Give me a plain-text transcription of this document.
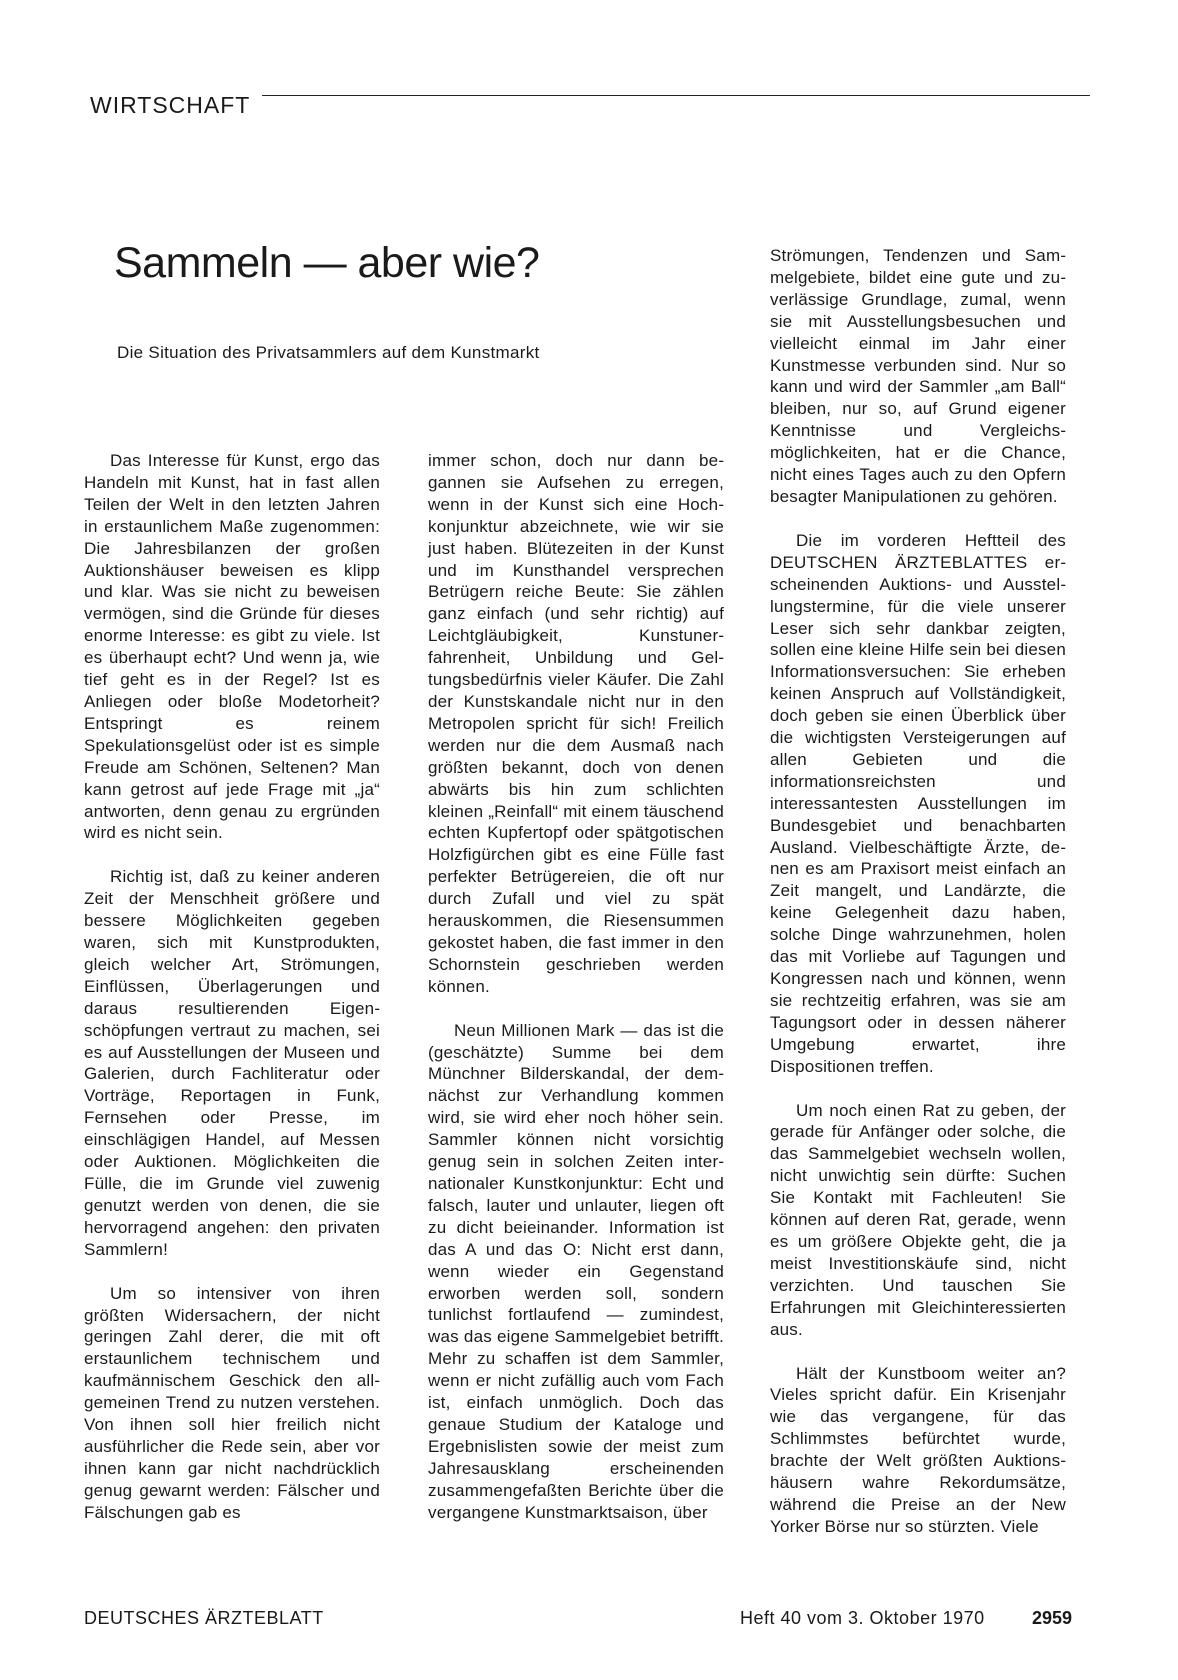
WIRTSCHAFT
Sammeln — aber wie?

Die Situation des Privatsammlers auf dem Kunstmarkt

Das Interesse für Kunst, ergo das Handeln mit Kunst, hat in fast allen Teilen der Welt in den letzten Jahren in erstaunlichem Maße zugenommen: Die Jahresbilanzen der großen Auktionshäuser beweisen es klipp und klar. Was sie nicht zu beweisen vermögen, sind die Gründe für dieses enorme Interesse: es gibt zu viele. Ist es überhaupt echt? Und wenn ja, wie tief geht es in der Regel? Ist es Anliegen oder bloße Modetorheit? Entspringt es reinem Spekulationsgelüst oder ist es simple Freude am Schönen, Seltenen? Man kann getrost auf jede Frage mit „ja“ antworten, denn genau zu ergründen wird es nicht sein.

Richtig ist, daß zu keiner anderen Zeit der Menschheit größere und bessere Möglichkeiten gegeben waren, sich mit Kunstprodukten, gleich welcher Art, Strömungen, Einflüssen, Überlagerungen und daraus resultierenden Eigenschöpfungen vertraut zu machen, sei es auf Ausstellungen der Museen und Galerien, durch Fachliteratur oder Vorträge, Reportagen in Funk, Fernsehen oder Presse, im einschlägigen Handel, auf Messen oder Auktionen. Möglichkeiten die Fülle, die im Grunde viel zuwenig genutzt werden von denen, die sie hervorragend angehen: den privaten Sammlern!

Um so intensiver von ihren größten Widersachern, der nicht geringen Zahl derer, die mit oft erstaunlichem technischem und kaufmännischem Geschick den allgemeinen Trend zu nutzen verstehen. Von ihnen soll hier freilich nicht ausführlicher die Rede sein, aber vor ihnen kann gar nicht nachdrücklich genug gewarnt werden: Fälscher und Fälschungen gab es

immer schon, doch nur dann begannen sie Aufsehen zu erregen, wenn in der Kunst sich eine Hochkonjunktur abzeichnete, wie wir sie just haben. Blütezeiten in der Kunst und im Kunsthandel versprechen Betrügern reiche Beute: Sie zählen ganz einfach (und sehr richtig) auf Leichtgläubigkeit, Kunstunerfahrenheit, Unbildung und Geltungsbedürfnis vieler Käufer. Die Zahl der Kunstskandale nicht nur in den Metropolen spricht für sich! Freilich werden nur die dem Ausmaß nach größten bekannt, doch von denen abwärts bis hin zum schlichten kleinen „Reinfall“ mit einem täuschend echten Kupfertopf oder spätgotischen Holzfigürchen gibt es eine Fülle fast perfekter Betrügereien, die oft nur durch Zufall und viel zu spät herauskommen, die Riesensummen gekostet haben, die fast immer in den Schornstein geschrieben werden können.

Neun Millionen Mark — das ist die (geschätzte) Summe bei dem Münchner Bilderskandal, der demnächst zur Verhandlung kommen wird, sie wird eher noch höher sein. Sammler können nicht vorsichtig genug sein in solchen Zeiten internationaler Kunstkonjunktur: Echt und falsch, lauter und unlauter, liegen oft zu dicht beieinander. Information ist das A und das O: Nicht erst dann, wenn wieder ein Gegenstand erworben werden soll, sondern tunlichst fortlaufend — zumindest, was das eigene Sammelgebiet betrifft. Mehr zu schaffen ist dem Sammler, wenn er nicht zufällig auch vom Fach ist, einfach unmöglich. Doch das genaue Studium der Kataloge und Ergebnislisten sowie der meist zum Jahresausklang erscheinenden zusammengefaßten Berichte über die vergangene Kunstmarktsaison, über

Strömungen, Tendenzen und Sammelgebiete, bildet eine gute und zuverlässige Grundlage, zumal, wenn sie mit Ausstellungsbesuchen und vielleicht einmal im Jahr einer Kunstmesse verbunden sind. Nur so kann und wird der Sammler „am Ball“ bleiben, nur so, auf Grund eigener Kenntnisse und Vergleichsmöglichkeiten, hat er die Chance, nicht eines Tages auch zu den Opfern besagter Manipulationen zu gehören.

Die im vorderen Heftteil des DEUTSCHEN ÄRZTEBLATTES erscheinenden Auktions- und Ausstellungstermine, für die viele unserer Leser sich sehr dankbar zeigten, sollen eine kleine Hilfe sein bei diesen Informationsversuchen: Sie erheben keinen Anspruch auf Vollständigkeit, doch geben sie einen Überblick über die wichtigsten Versteigerungen auf allen Gebieten und die informationsreichsten und interessantesten Ausstellungen im Bundesgebiet und benachbarten Ausland. Vielbeschäftigte Ärzte, denen es am Praxisort meist einfach an Zeit mangelt, und Landärzte, die keine Gelegenheit dazu haben, solche Dinge wahrzunehmen, holen das mit Vorliebe auf Tagungen und Kongressen nach und können, wenn sie rechtzeitig erfahren, was sie am Tagungsort oder in dessen näherer Umgebung erwartet, ihre Dispositionen treffen.

Um noch einen Rat zu geben, der gerade für Anfänger oder solche, die das Sammelgebiet wechseln wollen, nicht unwichtig sein dürfte: Suchen Sie Kontakt mit Fachleuten! Sie können auf deren Rat, gerade, wenn es um größere Objekte geht, die ja meist Investitionskäufe sind, nicht verzichten. Und tauschen Sie Erfahrungen mit Gleichinteressierten aus.

Hält der Kunstboom weiter an? Vieles spricht dafür. Ein Krisenjahr wie das vergangene, für das Schlimmstes befürchtet wurde, brachte der Welt größten Auktionshäusern wahre Rekordumsätze, während die Preise an der New Yorker Börse nur so stürzten. Viele

DEUTSCHES ÄRZTEBLATT	Heft 40 vom 3. Oktober 1970	2959
